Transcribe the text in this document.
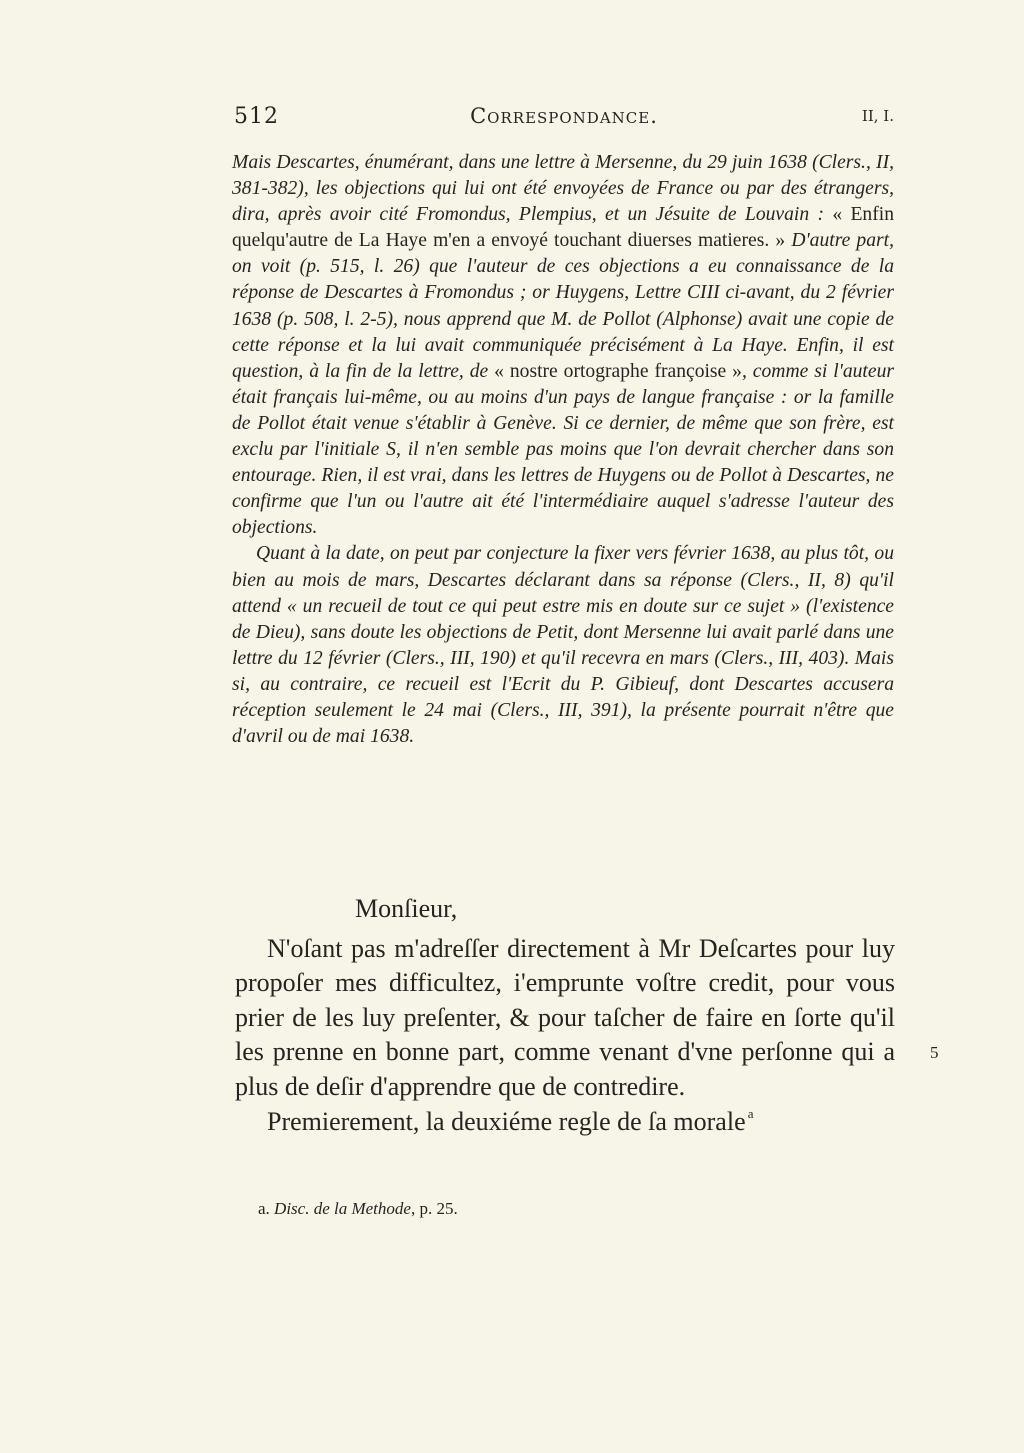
512	Correspondance.	II, I.

Mais Descartes, énumérant, dans une lettre à Mersenne, du 29 juin 1638 (Clers., II, 381-382), les objections qui lui ont été envoyées de France ou par des étrangers, dira, après avoir cité Fromondus, Plempius, et un Jésuite de Louvain : « Enfin quelqu'autre de La Haye m'en a envoyé touchant diuerses matieres. » D'autre part, on voit (p. 515, l. 26) que l'auteur de ces objections a eu connaissance de la réponse de Descartes à Fromondus ; or Huygens, Lettre CIII ci-avant, du 2 février 1638 (p. 508, l. 2-5), nous apprend que M. de Pollot (Alphonse) avait une copie de cette réponse et la lui avait communiquée précisément à La Haye. Enfin, il est question, à la fin de la lettre, de « nostre ortographe françoise », comme si l'auteur était français lui-même, ou au moins d'un pays de langue française : or la famille de Pollot était venue s'établir à Genève. Si ce dernier, de même que son frère, est exclu par l'initiale S, il n'en semble pas moins que l'on devrait chercher dans son entourage. Rien, il est vrai, dans les lettres de Huygens ou de Pollot à Descartes, ne confirme que l'un ou l'autre ait été l'intermédiaire auquel s'adresse l'auteur des objections.

Quant à la date, on peut par conjecture la fixer vers février 1638, au plus tôt, ou bien au mois de mars, Descartes déclarant dans sa réponse (Clers., II, 8) qu'il attend « un recueil de tout ce qui peut estre mis en doute sur ce sujet » (l'existence de Dieu), sans doute les objections de Petit, dont Mersenne lui avait parlé dans une lettre du 12 février (Clers., III, 190) et qu'il recevra en mars (Clers., III, 403). Mais si, au contraire, ce recueil est l'Ecrit du P. Gibieuf, dont Descartes accusera réception seulement le 24 mai (Clers., III, 391), la présente pourrait n'être que d'avril ou de mai 1638.

Monſieur,

N'oſant pas m'adreſſer directement à Mr Deſcartes pour luy propoſer mes difficultez, i'emprunte voſtre credit, pour vous prier de les luy preſenter, & pour taſcher de faire en ſorte qu'il les prenne en bonne part, comme venant d'vne perſonne qui a plus de deſir d'apprendre que de contredire.

Premierement, la deuxiéme regle de ſa morale  $^a$

5
a. Disc. de la Methode, p. 25.
